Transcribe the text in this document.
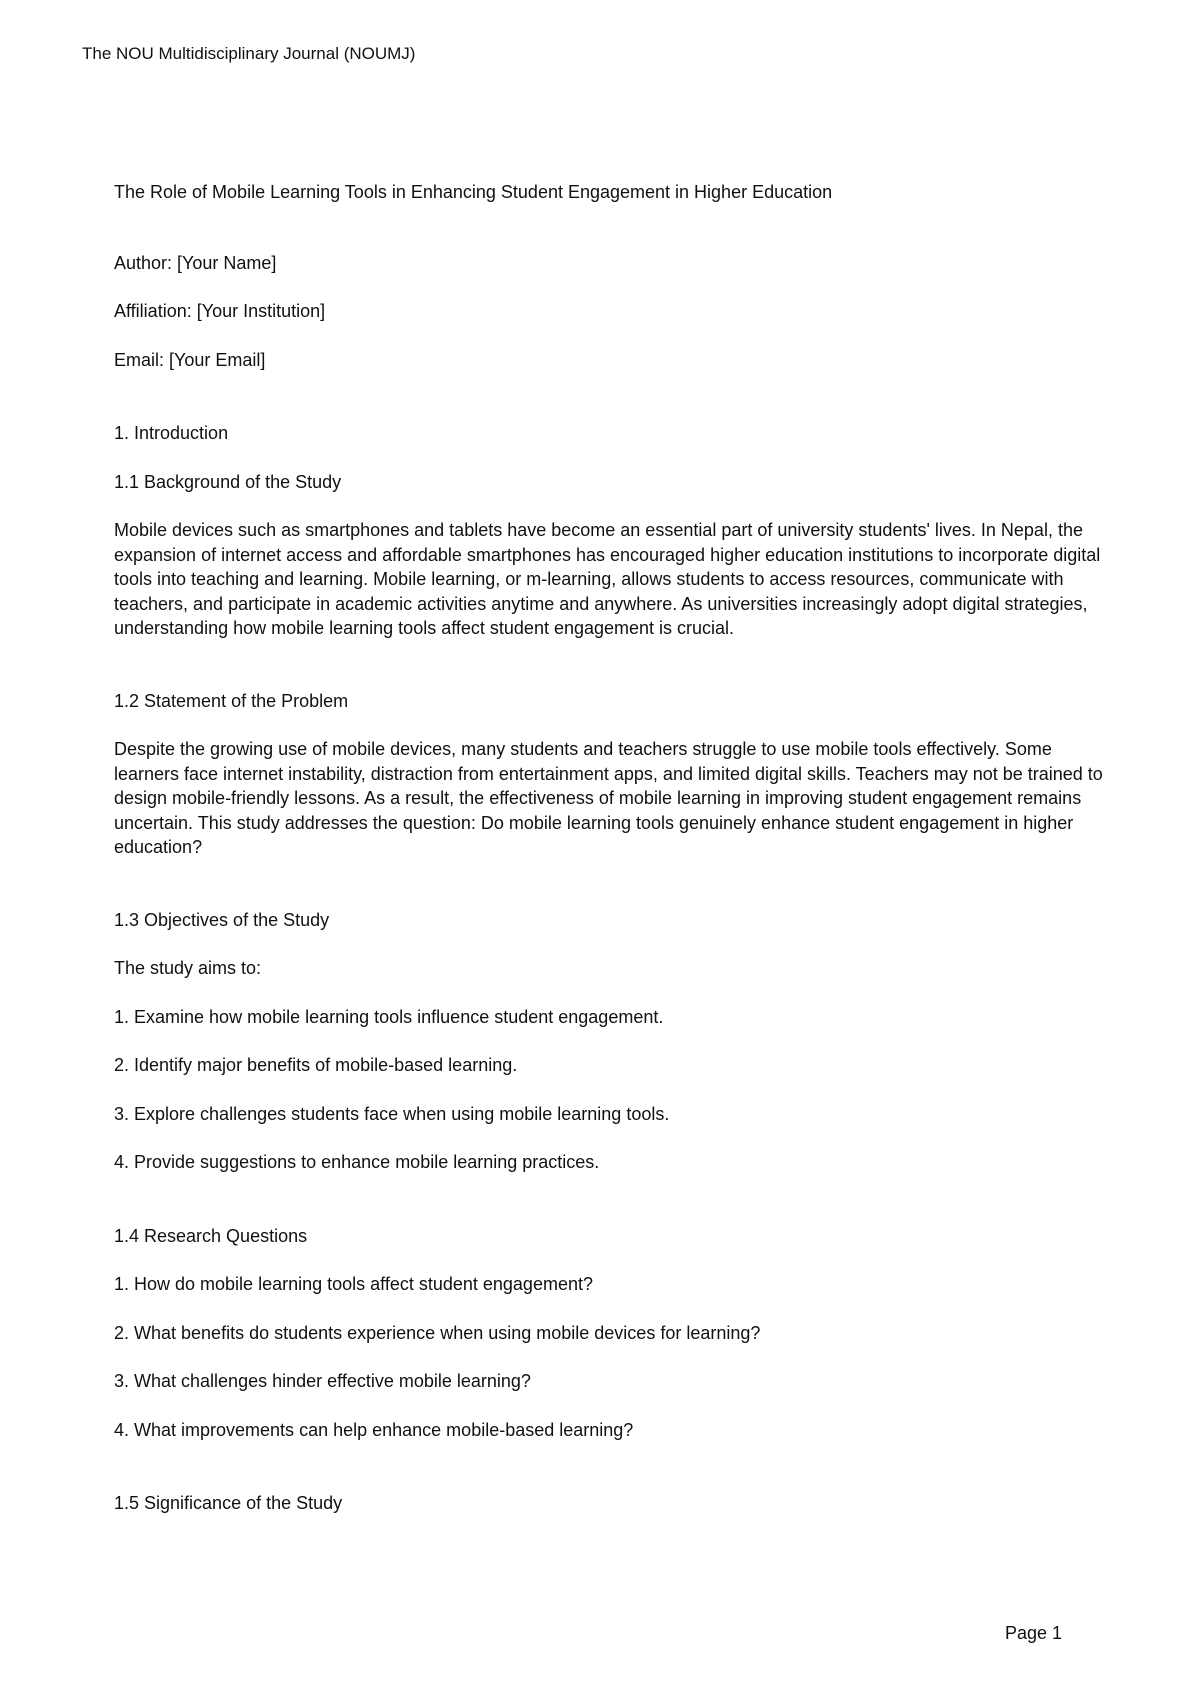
The NOU Multidisciplinary Journal (NOUMJ)

The Role of Mobile Learning Tools in Enhancing Student Engagement in Higher Education

Author: [Your Name]

Affiliation: [Your Institution]

Email: [Your Email]

1. Introduction

1.1 Background of the Study

Mobile devices such as smartphones and tablets have become an essential part of university students' lives. In Nepal, the expansion of internet access and affordable smartphones has encouraged higher education institutions to incorporate digital tools into teaching and learning. Mobile learning, or m-learning, allows students to access resources, communicate with teachers, and participate in academic activities anytime and anywhere. As universities increasingly adopt digital strategies, understanding how mobile learning tools affect student engagement is crucial.

1.2 Statement of the Problem

Despite the growing use of mobile devices, many students and teachers struggle to use mobile tools effectively. Some learners face internet instability, distraction from entertainment apps, and limited digital skills. Teachers may not be trained to design mobile-friendly lessons. As a result, the effectiveness of mobile learning in improving student engagement remains uncertain. This study addresses the question: Do mobile learning tools genuinely enhance student engagement in higher education?

1.3 Objectives of the Study

The study aims to:

1. Examine how mobile learning tools influence student engagement.

2. Identify major benefits of mobile-based learning.

3. Explore challenges students face when using mobile learning tools.

4. Provide suggestions to enhance mobile learning practices.

1.4 Research Questions

1. How do mobile learning tools affect student engagement?

2. What benefits do students experience when using mobile devices for learning?

3. What challenges hinder effective mobile learning?

4. What improvements can help enhance mobile-based learning?

1.5 Significance of the Study

Page 1
